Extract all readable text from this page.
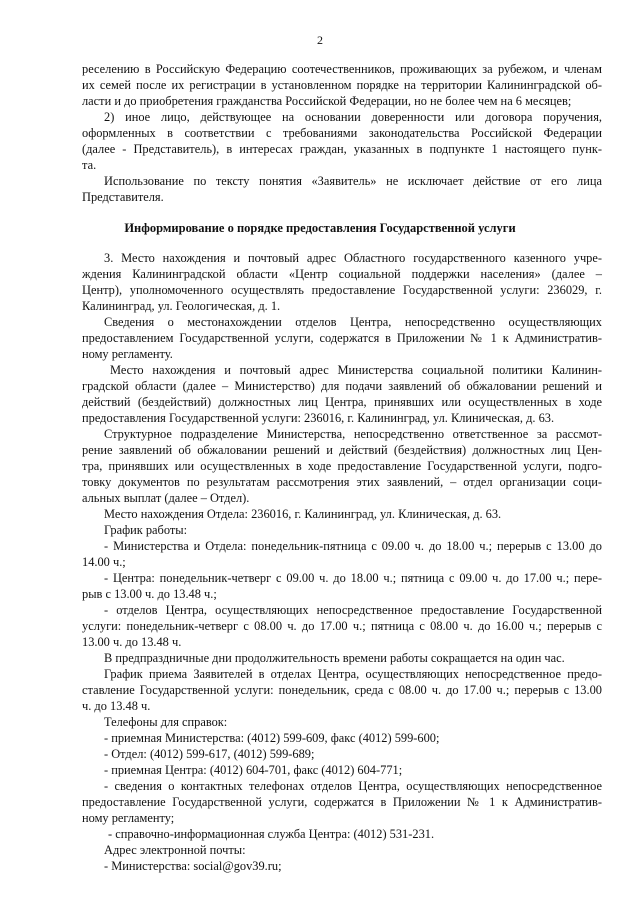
2
реселению в Российскую Федерацию соотечественников, проживающих за рубежом, и членам
их семей после их регистрации в установленном порядке на территории Калининградской об-
ласти и до приобретения гражданства Российской Федерации, но не более чем на 6 месяцев;
2) иное лицо, действующее на основании доверенности или договора поручения,
оформленных в соответствии с требованиями законодательства Российской Федерации
(далее - Представитель), в интересах граждан, указанных в подпункте 1 настоящего пунк-
та.
Использование по тексту понятия «Заявитель» не исключает действие от его лица
Представителя.
Информирование о порядке предоставления Государственной услуги
3. Место нахождения и почтовый адрес Областного государственного казенного учре-
ждения Калининградской области «Центр социальной поддержки населения» (далее –
Центр), уполномоченного осуществлять предоставление Государственной услуги: 236029, г.
Калининград, ул. Геологическая, д. 1.
Сведения о местонахождении отделов Центра, непосредственно осуществляющих
предоставлением Государственной услуги, содержатся в Приложении № 1 к Административ-
ному регламенту.
Место нахождения и почтовый адрес Министерства социальной политики Калинин-
градской области (далее – Министерство) для подачи заявлений об обжаловании решений и
действий (бездействий) должностных лиц Центра, принявших или осуществленных в ходе
предоставления Государственной услуги: 236016, г. Калининград, ул. Клиническая, д. 63.
Структурное подразделение Министерства, непосредственно ответственное за рассмот-
рение заявлений об обжаловании решений и действий (бездействия) должностных лиц Цен-
тра, принявших или осуществленных в ходе предоставление Государственной услуги, подго-
товку документов по результатам рассмотрения этих заявлений, – отдел организации соци-
альных выплат (далее – Отдел).
Место нахождения Отдела: 236016, г. Калининград, ул. Клиническая, д. 63.
График работы:
- Министерства и Отдела: понедельник-пятница с 09.00 ч. до 18.00 ч.; перерыв с 13.00 до
14.00 ч.;
- Центра: понедельник-четверг с 09.00 ч. до 18.00 ч.; пятница с 09.00 ч. до 17.00 ч.; пере-
рыв с 13.00 ч. до 13.48 ч.;
- отделов Центра, осуществляющих непосредственное предоставление Государственной
услуги: понедельник-четверг с 08.00 ч. до 17.00 ч.; пятница с 08.00 ч. до 16.00 ч.; перерыв с
13.00 ч. до 13.48 ч.
В предпраздничные дни продолжительность времени работы сокращается на один час.
График приема Заявителей в отделах Центра, осуществляющих непосредственное предо-
ставление Государственной услуги: понедельник, среда с 08.00 ч. до 17.00 ч.; перерыв с 13.00
ч. до 13.48 ч.
Телефоны для справок:
- приемная Министерства: (4012) 599-609, факс (4012) 599-600;
- Отдел: (4012) 599-617, (4012) 599-689;
- приемная Центра: (4012) 604-701, факс (4012) 604-771;
- сведения о контактных телефонах отделов Центра, осуществляющих непосредственное
предоставление Государственной услуги, содержатся в Приложении № 1 к Административ-
ному регламенту;
- справочно-информационная служба Центра: (4012) 531-231.
Адрес электронной почты:
- Министерства: social@gov39.ru;
